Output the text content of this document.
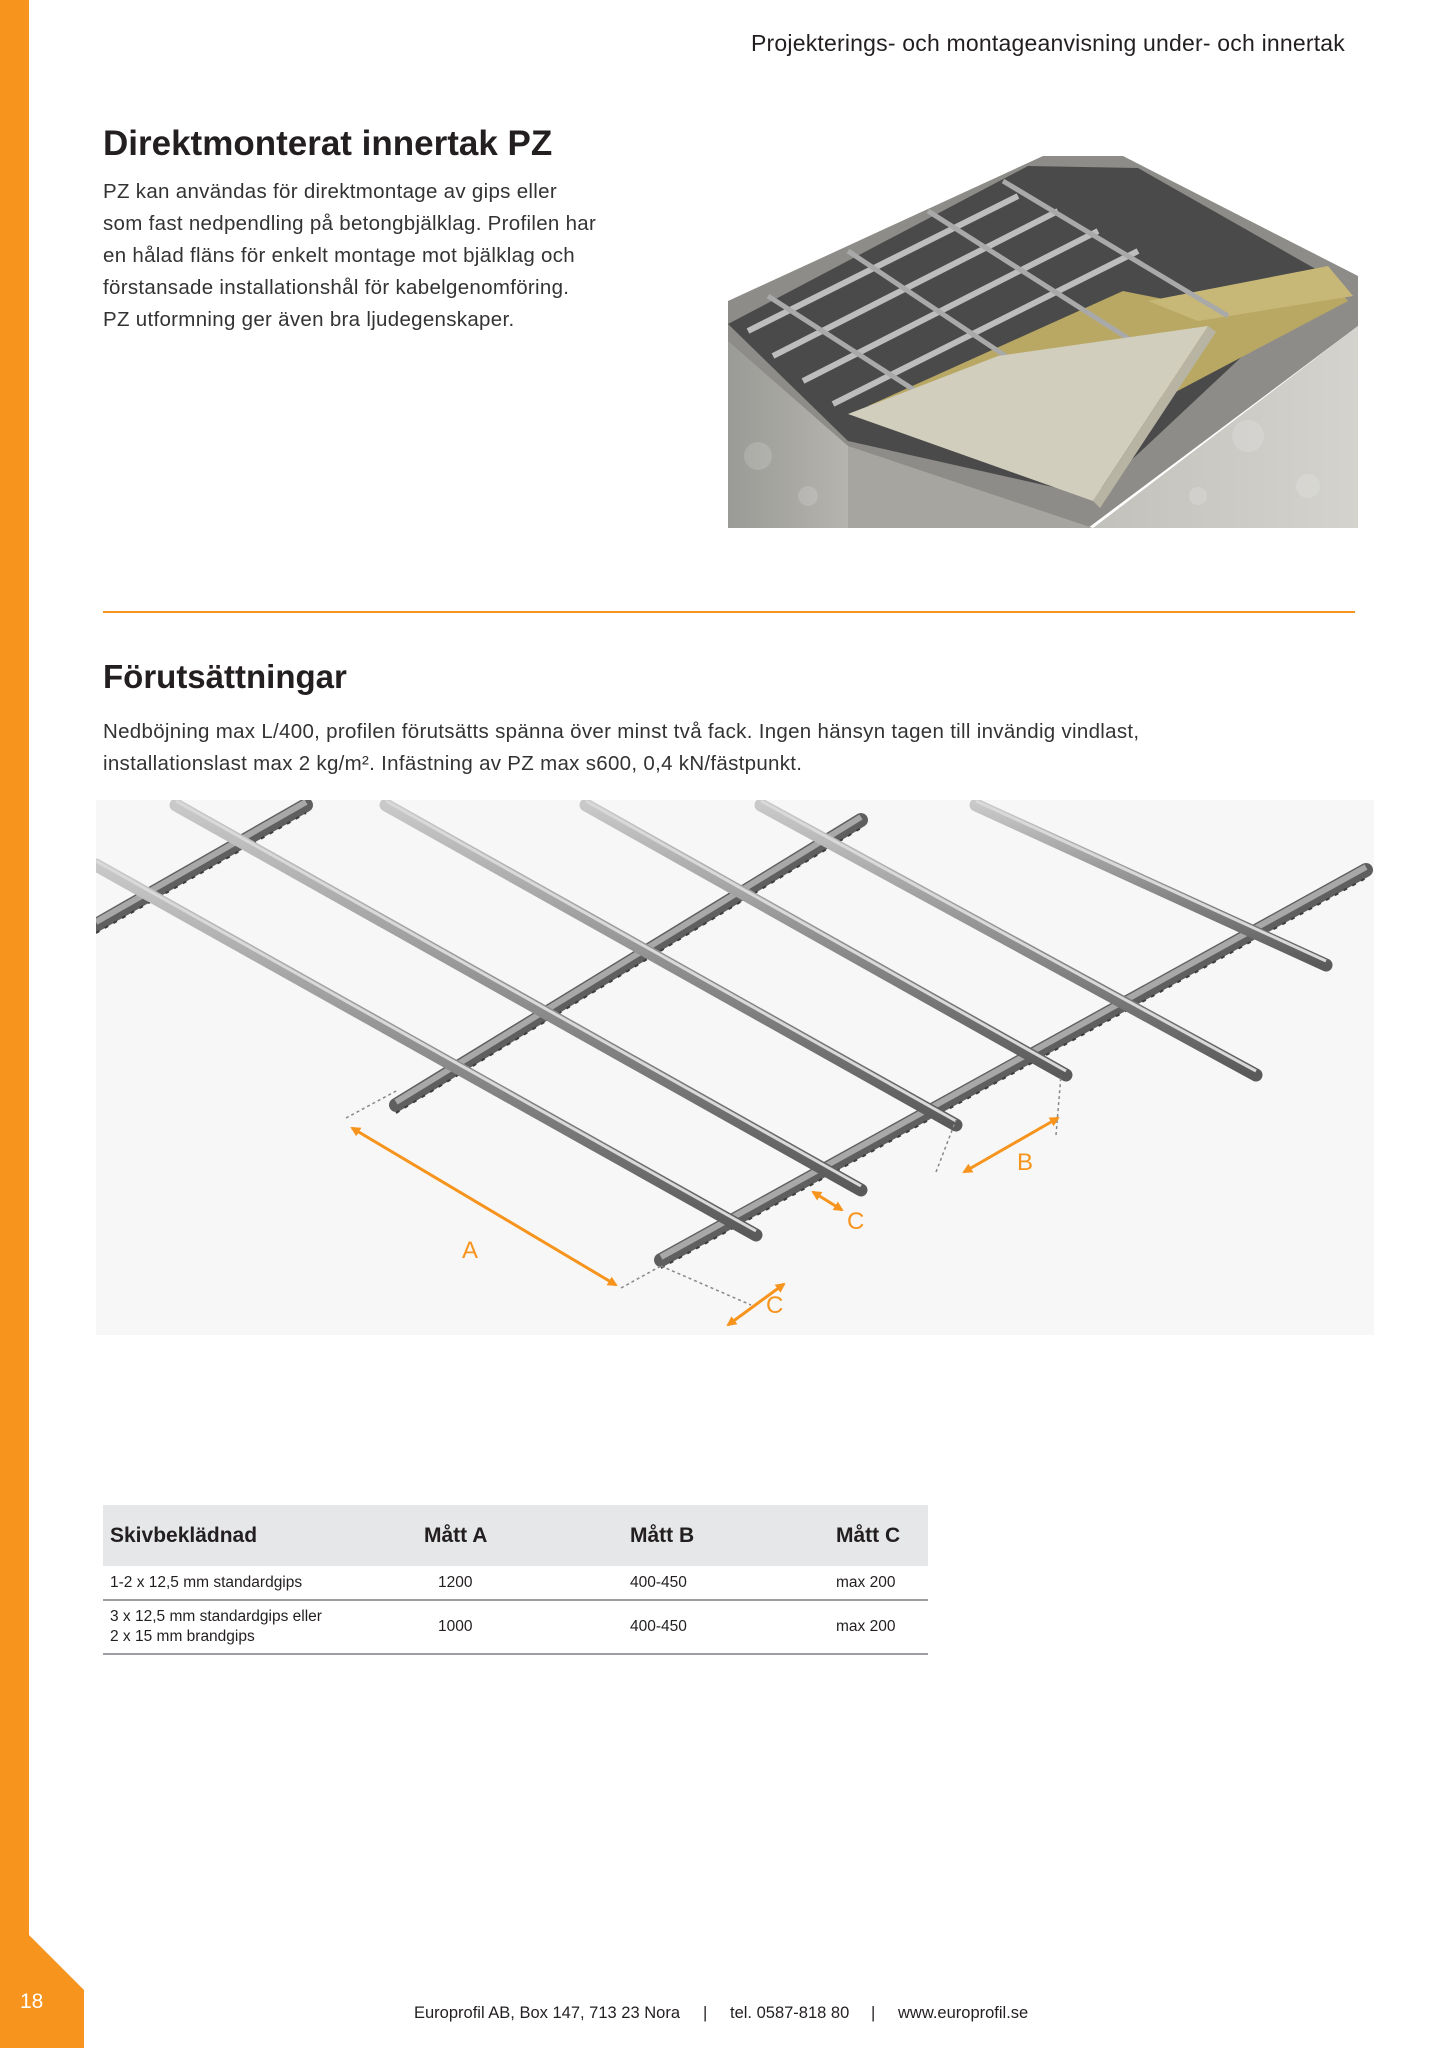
18
Projekterings- och montageanvisning under- och innertak
Direktmonterat innertak PZ
PZ kan användas för direktmontage av gips eller
som fast nedpendling på betongbjälklag. Profilen har
en hålad fläns för enkelt montage mot bjälklag och
förstansade installationshål för kabelgenomföring.
PZ utformning ger även bra ljudegenskaper.
Förutsättningar
Nedböjning max L/400, profilen förutsätts spänna över minst två fack. Ingen hänsyn tagen till invändig vindlast,
installationslast max 2 kg/m². Infästning av PZ max s600, 0,4 kN/fästpunkt.
A
B
C
C
Skivbeklädnad	Mått A	Mått B	Mått C

1-2 x 12,5 mm standardgips	1200	400-450	max 200

3 x 12,5 mm standardgips eller
2 x 15 mm brandgips	1000	400-450	max 200
Europrofil AB, Box 147, 713 23 Nora | tel. 0587-818 80 | www.europrofil.se
